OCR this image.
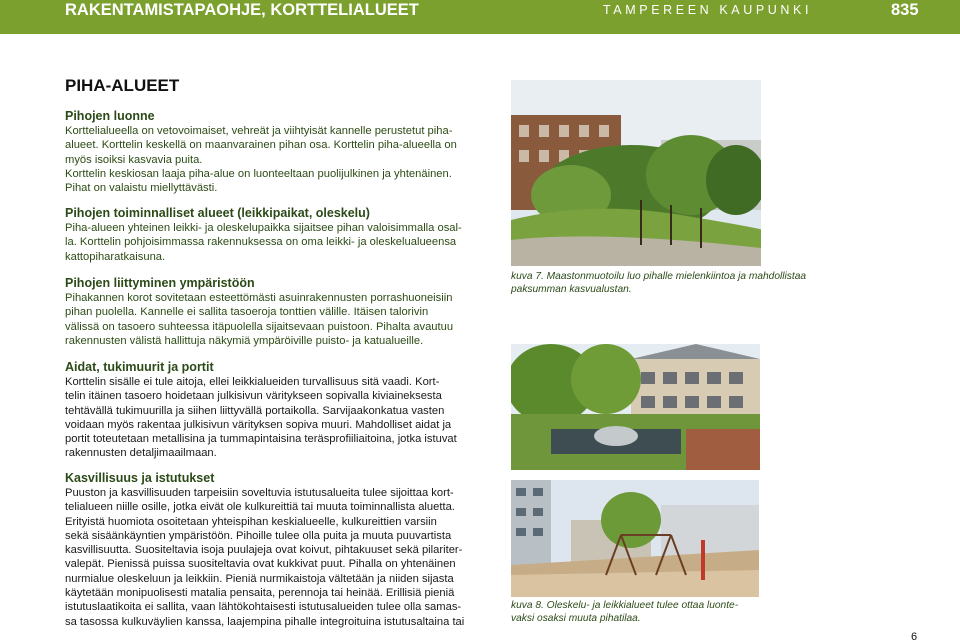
RAKENTAMISTAPAOHJE, KORTTELIALUEET	TAMPEREEN KAUPUNKI	835
PIHA-ALUEET
Pihojen luonne
Korttelialueella on vetovoimaiset, vehreät ja viihtyisät kannelle perustetut piha-
alueet. Korttelin keskellä on maanvarainen pihan osa. Korttelin piha-alueella on
myös isoiksi kasvavia puita.
Korttelin keskiosan laaja piha-alue on luonteeltaan puolijulkinen ja yhtenäinen.
Pihat on valaistu miellyttävästi.
Pihojen toiminnalliset alueet (leikkipaikat, oleskelu)
Piha-alueen yhteinen leikki- ja oleskelupaikka sijaitsee pihan valoisimmalla osal-
la. Korttelin pohjoisimmassa rakennuksessa on oma leikki- ja oleskelualueensa
kattopiharatkaisuna.
Pihojen liittyminen ympäristöön
Pihakannen korot sovitetaan esteettömästi asuinrakennusten porrashuoneisiin
pihan puolella. Kannelle ei sallita tasoeroja tonttien välille. Itäisen talorivin
välissä on tasoero suhteessa itäpuolella sijaitsevaan puistoon. Pihalta avautuu
rakennusten välistä hallittuja näkymiä ympäröiville puisto- ja katualueille.
Aidat, tukimuurit ja portit
Korttelin sisälle ei tule aitoja, ellei leikkialueiden turvallisuus sitä vaadi. Kort-
telin itäinen tasoero hoidetaan julkisivun väritykseen sopivalla kiviaineksesta
tehtävällä tukimuurilla ja siihen liittyvällä portaikolla. Sarvijaakonkatua vasten
voidaan myös rakentaa julkisivun värityksen sopiva muuri. Mahdolliset aidat ja
portit toteutetaan metallisina ja tummapintaisina teräsprofiiliaitoina, jotka istuvat
rakennusten detaljimaailmaan.
Kasvillisuus ja istutukset
Puuston ja kasvillisuuden tarpeisiin soveltuvia istutusalueita tulee sijoittaa kort-
telialueen niille osille, jotka eivät ole kulkureittiä tai muuta toiminnallista aluetta.
Erityistä huomiota osoitetaan yhteispihan keskialueelle, kulkureittien varsiin
sekä sisäänkäyntien ympäristöön. Pihoille tulee olla puita ja muuta puuvartista
kasvillisuutta. Suositeltavia isoja puulajeja ovat koivut, pihtakuuset sekä pilariter-
valepät. Pienissä puissa suositeltavia ovat kukkivat puut. Pihalla on yhtenäinen
nurmialue oleskeluun ja leikkiin. Pieniä nurmikaistoja vältetään ja niiden sijasta
käytetään monipuolisesti matalia pensaita, perennoja tai heinää. Erillisiä pieniä
istutuslaatikoita ei sallita, vaan lähtökohtaisesti istutusalueiden tulee olla samas-
sa tasossa kulkuväylien kanssa, laajempina pihalle integroituina istutusaltaina tai
kuva 7. Maastonmuotoilu luo pihalle mielenkiintoa ja mahdollistaa
paksumman kasvualustan.
kuva 8. Oleskelu- ja leikkialueet tulee ottaa luonte-
vaksi osaksi muuta pihatilaa.
6
